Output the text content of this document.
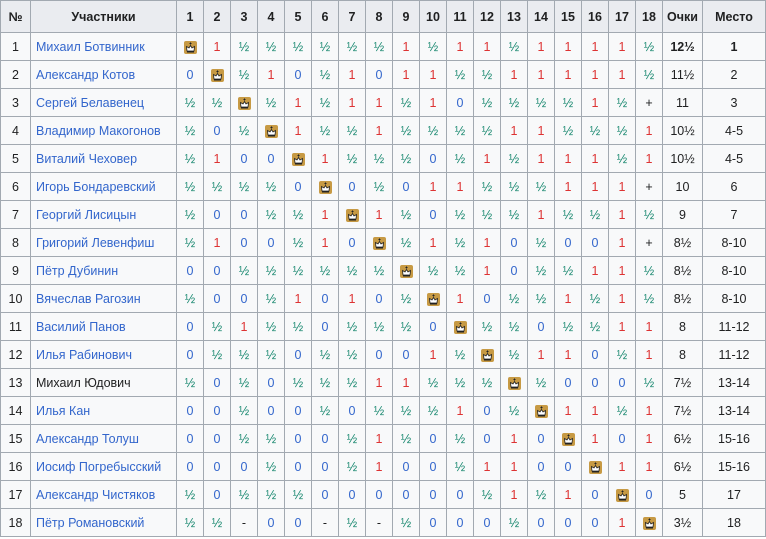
№	Участники	1	2	3	4	5	6	7	8	9	10	11	12	13	14	15	16	17	18	Очки	Место
1	Михаил Ботвинник		1	½	½	½	½	½	½	1	½	1	1	½	1	1	1	1	½	12½	1
2	Александр Котов	0		½	1	0	½	1	0	1	1	½	½	1	1	1	1	1	½	11½	2
3	Сергей Белавенец	½	½		½	1	½	1	1	½	1	0	½	½	½	½	1	½	+	11	3
4	Владимир Макогонов	½	0	½		1	½	½	1	½	½	½	½	1	1	½	½	½	1	10½	4-5
5	Виталий Чеховер	½	1	0	0		1	½	½	½	0	½	1	½	1	1	1	½	1	10½	4-5
6	Игорь Бондаревский	½	½	½	½	0		0	½	0	1	1	½	½	½	1	1	1	+	10	6
7	Георгий Лисицын	½	0	0	½	½	1		1	½	0	½	½	½	1	½	½	1	½	9	7
8	Григорий Левенфиш	½	1	0	0	½	1	0		½	1	½	1	0	½	0	0	1	+	8½	8-10
9	Пётр Дубинин	0	0	½	½	½	½	½	½		½	½	1	0	½	½	1	1	½	8½	8-10
10	Вячеслав Рагозин	½	0	0	½	1	0	1	0	½		1	0	½	½	1	½	1	½	8½	8-10
11	Василий Панов	0	½	1	½	½	0	½	½	½	0		½	½	0	½	½	1	1	8	11-12
12	Илья Рабинович	0	½	½	½	0	½	½	0	0	1	½		½	1	1	0	½	1	8	11-12
13	Михаил Юдович	½	0	½	0	½	½	½	1	1	½	½	½		½	0	0	0	½	7½	13-14
14	Илья Кан	0	0	½	0	0	½	0	½	½	½	1	0	½		1	1	½	1	7½	13-14
15	Александр Толуш	0	0	½	½	0	0	½	1	½	0	½	0	1	0		1	0	1	6½	15-16
16	Иосиф Погребысский	0	0	0	½	0	0	½	1	0	0	½	1	1	0	0		1	1	6½	15-16
17	Александр Чистяков	½	0	½	½	½	0	0	0	0	0	0	½	1	½	1	0		0	5	17
18	Пётр Романовский	½	½	-	0	0	-	½	-	½	0	0	0	½	0	0	0	1		3½	18
